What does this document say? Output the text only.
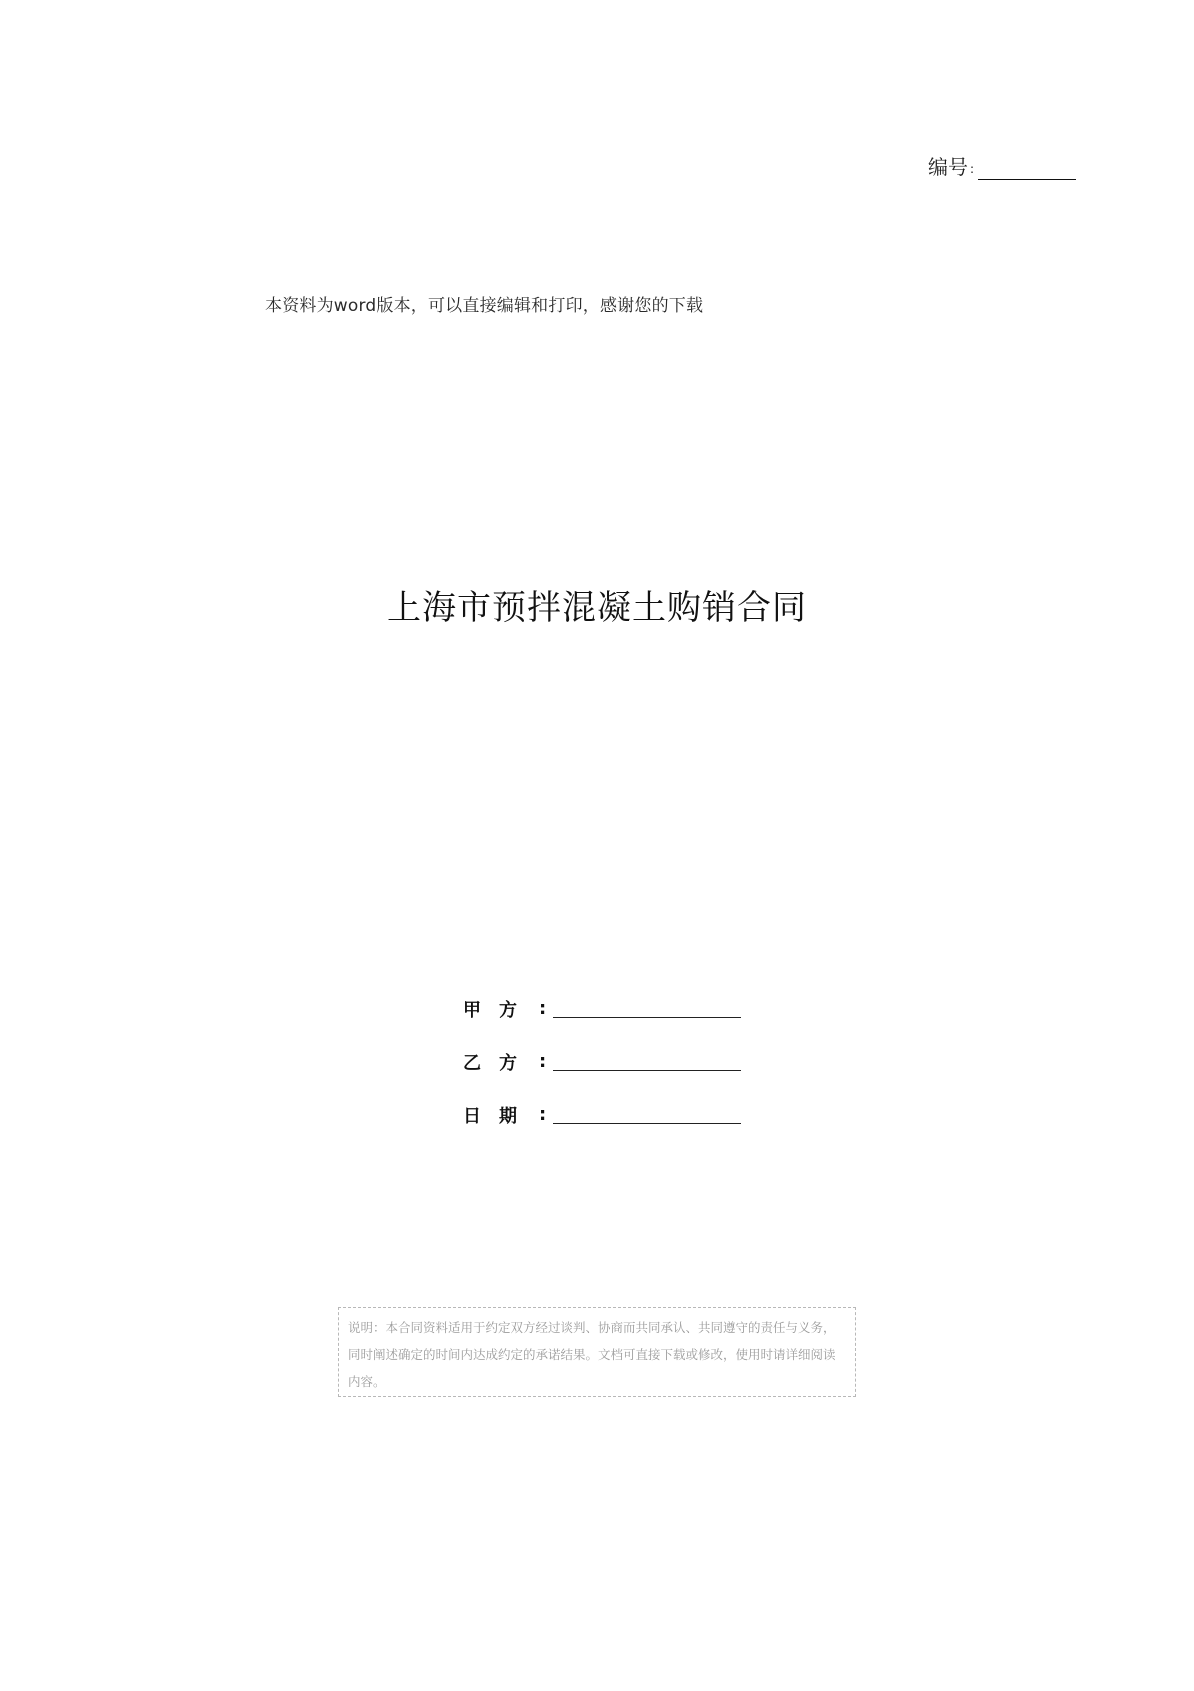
编号 :
本资料为word版本，可以直接编辑和打印，感谢您的下载
上海市预拌混凝土购销合同
甲　方	:
乙　方	:
日　期	:
说明：本合同资料适用于约定双方经过谈判、协商而共同承认、共同遵守的责任与义务，同时阐述确定的时间内达成约定的承诺结果。文档可直接下载或修改，使用时请详细阅读内容。
